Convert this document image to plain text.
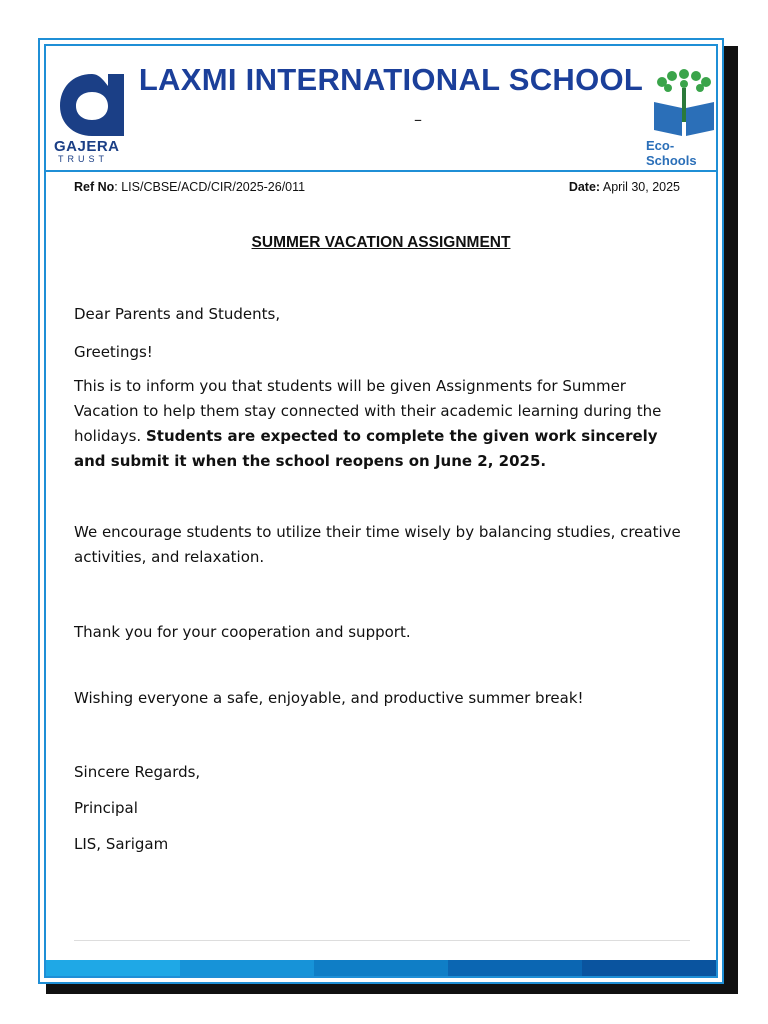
GAJERA
TRUST
LAXMI INTERNATIONAL SCHOOL
–
Eco-Schools
Ref No: LIS/CBSE/ACD/CIR/2025-26/011	Date: April 30, 2025
SUMMER VACATION ASSIGNMENT
Dear Parents and Students,
Greetings!
This is to inform you that students will be given Assignments for Summer Vacation to help them stay connected with their academic learning during the holidays. Students are expected to complete the given work sincerely and submit it when the school reopens on June 2, 2025.
We encourage students to utilize their time wisely by balancing studies, creative activities, and relaxation.
Thank you for your cooperation and support.
Wishing everyone a safe, enjoyable, and productive summer break!
Sincere Regards,
Principal
LIS, Sarigam
